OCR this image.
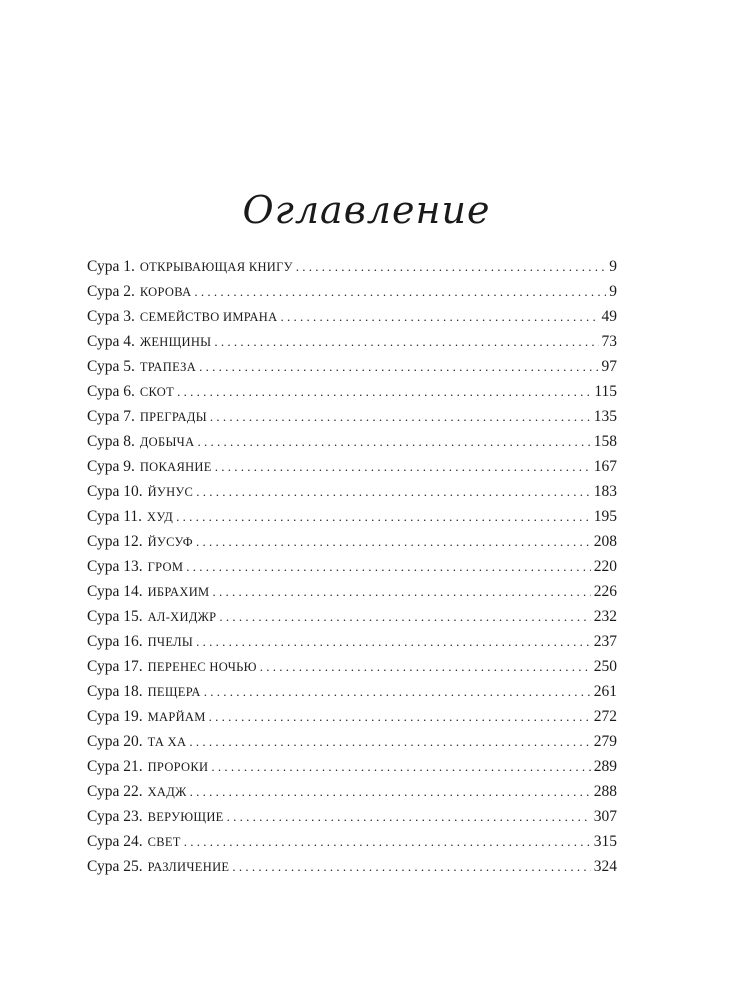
Оглавление
Сура 1. ОТКРЫВАЮЩАЯ КНИГУ . . .	9
Сура 2. КОРОВА . . .	9
Сура 3. СЕМЕЙСТВО ИМРАНА . . .	49
Сура 4. ЖЕНЩИНЫ . . .	73
Сура 5. ТРАПЕЗА . . .	97
Сура 6. СКОТ . . .	115
Сура 7. ПРЕГРАДЫ . . .	135
Сура 8. ДОБЫЧА . . .	158
Сура 9. ПОКАЯНИЕ . . .	167
Сура 10. ЙУНУС . . .	183
Сура 11. ХУД . . .	195
Сура 12. ЙУСУФ . . .	208
Сура 13. ГРОМ . . .	220
Сура 14. ИБРАХИМ . . .	226
Сура 15. АЛ-ХИДЖР . . .	232
Сура 16. ПЧЕЛЫ . . .	237
Сура 17. ПЕРЕНЕС НОЧЬЮ . . .	250
Сура 18. ПЕЩЕРА . . .	261
Сура 19. МАРЙАМ . . .	272
Сура 20. ТА ХА . . .	279
Сура 21. ПРОРОКИ . . .	289
Сура 22. ХАДЖ . . .	288
Сура 23. ВЕРУЮЩИЕ . . .	307
Сура 24. СВЕТ . . .	315
Сура 25. РАЗЛИЧЕНИЕ . . .	324
